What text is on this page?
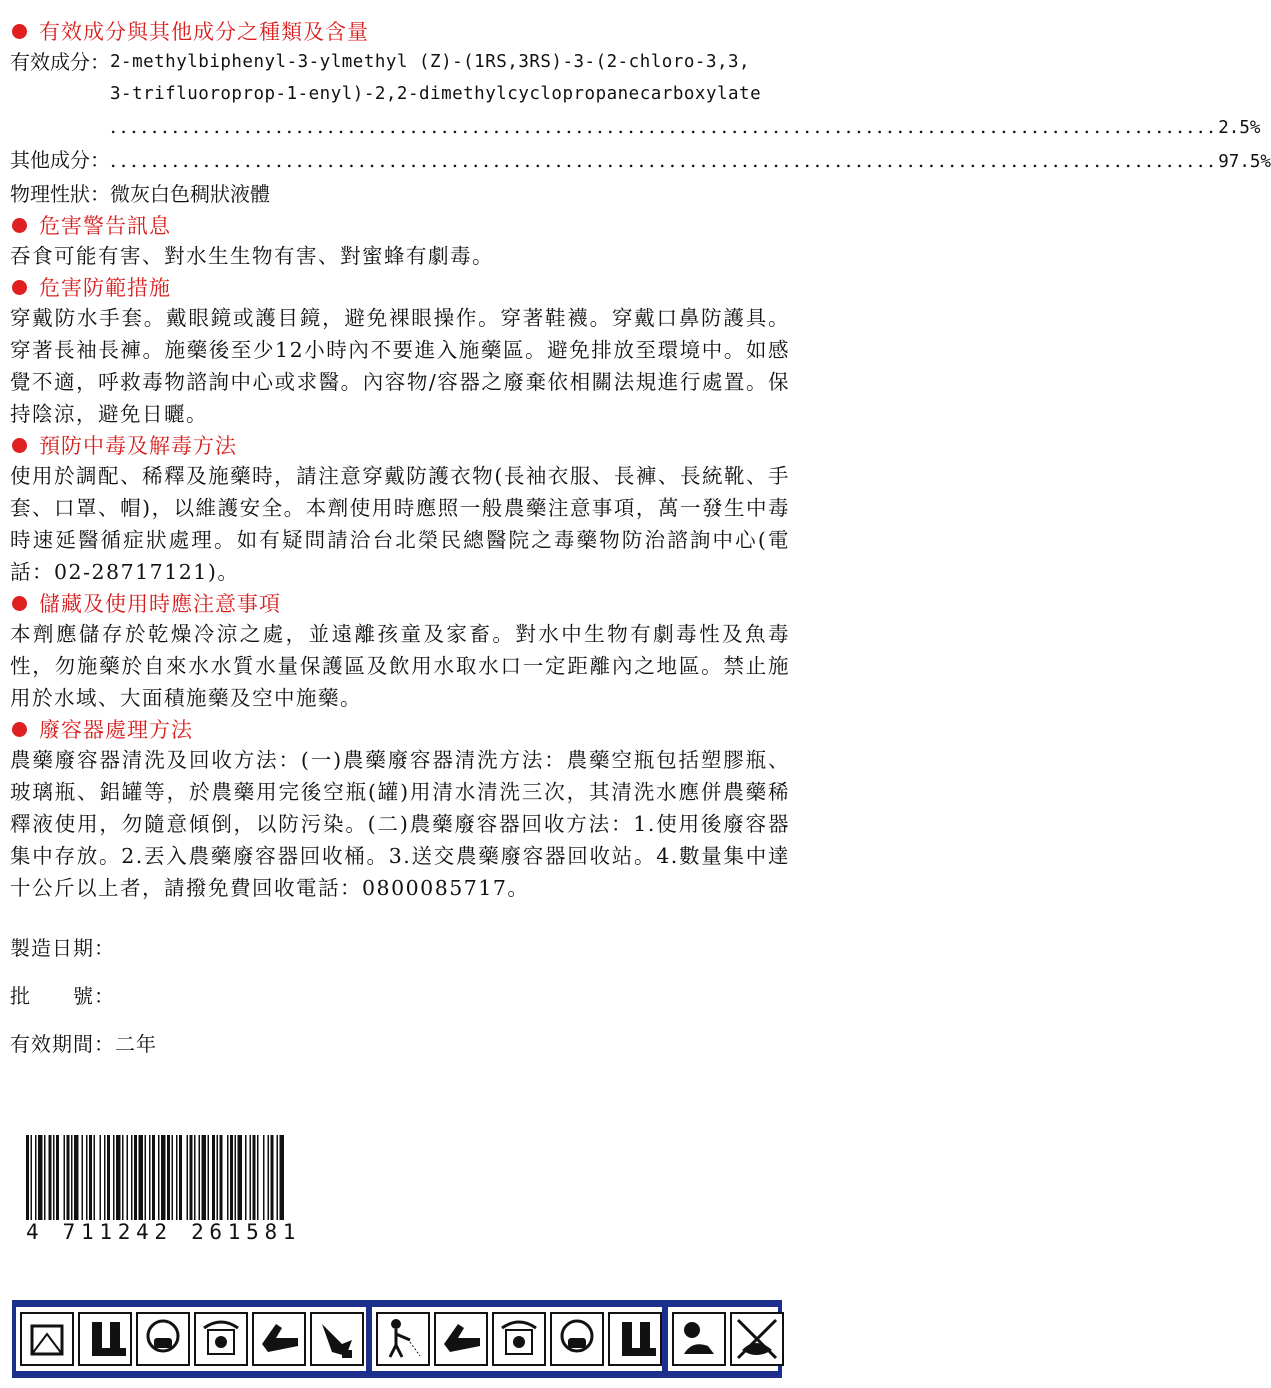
有效成分與其他成分之種類及含量
有效成分： 2-methylbiphenyl-3-ylmethyl (Z)-(1RS,3RS)-3-(2-chloro-3,3,
3-trifluoroprop-1-enyl)-2,2-dimethylcyclopropanecarboxylate
.....
2.5%
其他成分：
.....	97.5%
物理性狀： 微灰白色稠狀液體
危害警告訊息
吞食可能有害、對水生生物有害、對蜜蜂有劇毒。
危害防範措施
穿戴防水手套。戴眼鏡或護目鏡，避免裸眼操作。穿著鞋襪。穿戴口鼻防護具。穿著長袖長褲。施藥後至少12小時內不要進入施藥區。避免排放至環境中。如感覺不適，呼救毒物諮詢中心或求醫。內容物/容器之廢棄依相關法規進行處置。保持陰涼，避免日曬。
預防中毒及解毒方法
使用於調配、稀釋及施藥時，請注意穿戴防護衣物(長袖衣服、長褲、長統靴、手套、口罩、帽)，以維護安全。本劑使用時應照一般農藥注意事項，萬一發生中毒時速延醫循症狀處理。如有疑問請洽台北榮民總醫院之毒藥物防治諮詢中心(電話：02-28717121)。
儲藏及使用時應注意事項
本劑應儲存於乾燥冷涼之處，並遠離孩童及家畜。對水中生物有劇毒性及魚毒性，勿施藥於自來水水質水量保護區及飲用水取水口一定距離內之地區。禁止施用於水域、大面積施藥及空中施藥。
廢容器處理方法
農藥廢容器清洗及回收方法：(一)農藥廢容器清洗方法：農藥空瓶包括塑膠瓶、玻璃瓶、鋁罐等，於農藥用完後空瓶(罐)用清水清洗三次，其清洗水應併農藥稀釋液使用，勿隨意傾倒，以防污染。(二)農藥廢容器回收方法：1.使用後廢容器集中存放。2.丟入農藥廢容器回收桶。3.送交農藥廢容器回收站。4.數量集中達十公斤以上者，請撥免費回收電話：0800085717。
製造日期：
批　　號：
有效期間：二年
4 711242 261581
